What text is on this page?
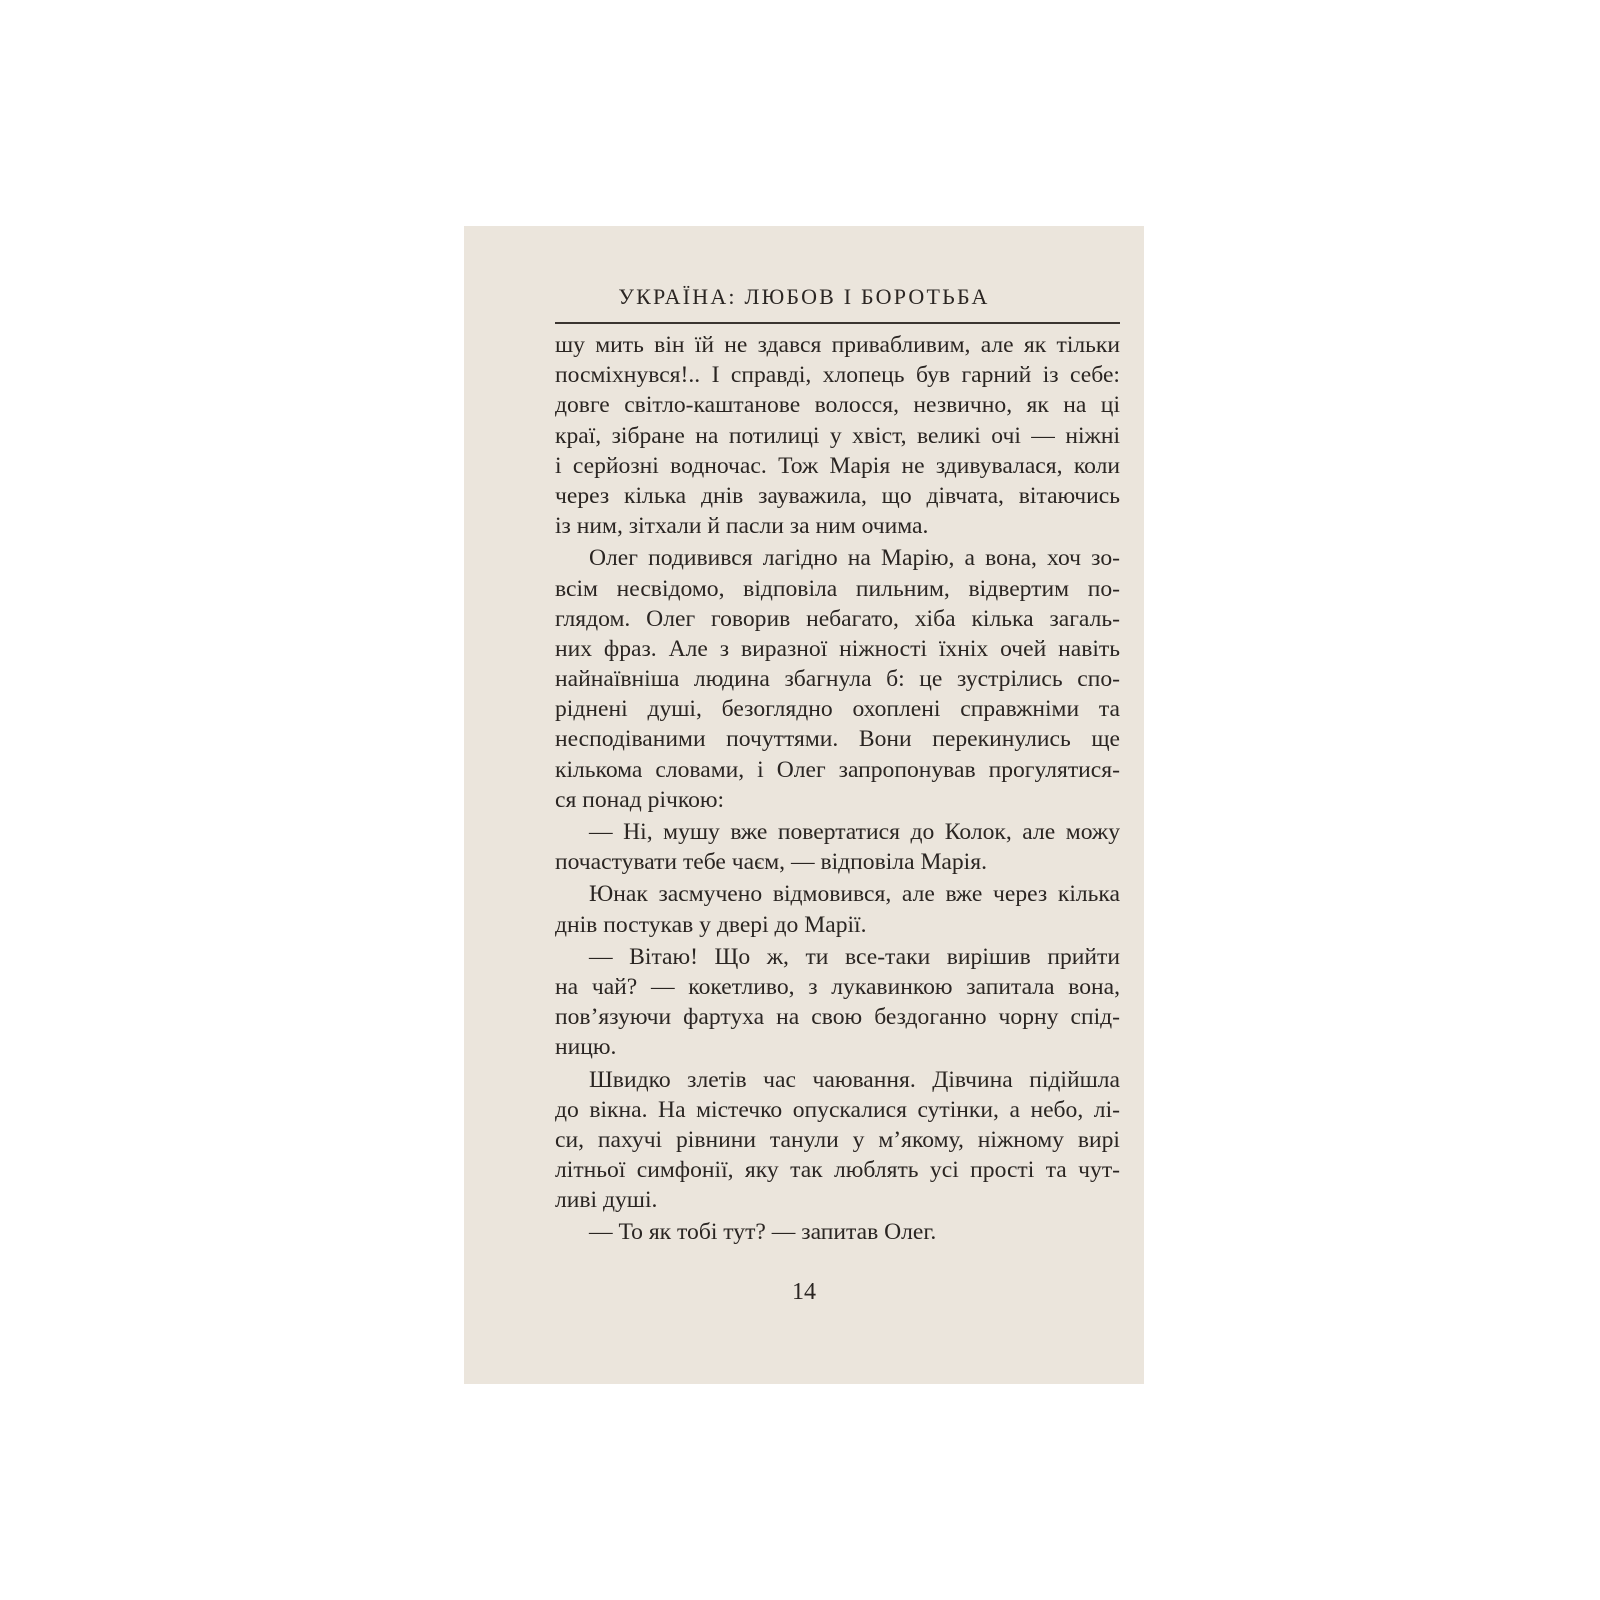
УКРАЇНА: ЛЮБОВ І БОРОТЬБА
шу мить він їй не здався привабливим, але як тільки
посміхнувся!.. І справді, хлопець був гарний із себе:
довге світло-каштанове волосся, незвично, як на ці
краї, зібране на потилиці у хвіст, великі очі — ніжні
і серйозні водночас. Тож Марія не здивувалася, коли
через кілька днів зауважила, що дівчата, вітаючись
із ним, зітхали й пасли за ним очима.
Олег подивився лагідно на Марію, а вона, хоч зо-
всім несвідомо, відповіла пильним, відвертим по-
глядом. Олег говорив небагато, хіба кілька загаль-
них фраз. Але з виразної ніжності їхніх очей навіть
найнаївніша людина збагнула б: це зустрілись спо-
ріднені душі, безоглядно охоплені справжніми та
несподіваними почуттями. Вони перекинулись ще
кількома словами, і Олег запропонував прогулятися-
ся понад річкою:
— Ні, мушу вже повертатися до Колок, але можу
почастувати тебе чаєм, — відповіла Марія.
Юнак засмучено відмовився, але вже через кілька
днів постукав у двері до Марії.
— Вітаю! Що ж, ти все-таки вирішив прийти
на чай? — кокетливо, з лукавинкою запитала вона,
пов’язуючи фартуха на свою бездоганно чорну спід-
ницю.
Швидко злетів час чаювання. Дівчина підійшла
до вікна. На містечко опускалися сутінки, а небо, лі-
си, пахучі рівнини танули у м’якому, ніжному вирі
літньої симфонії, яку так люблять усі прості та чут-
ливі душі.
— То як тобі тут? — запитав Олег.
14
